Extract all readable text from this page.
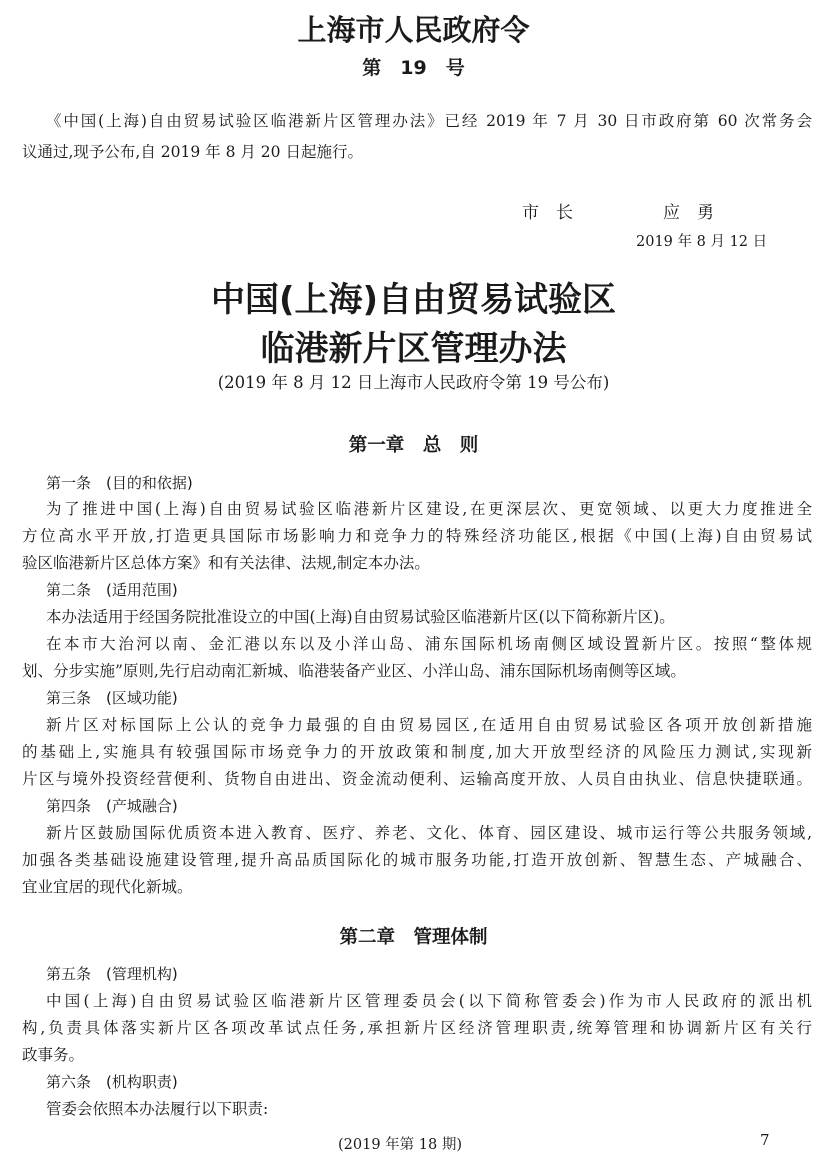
上海市人民政府令
第　19　号
《中国(上海)自由贸易试验区临港新片区管理办法》已经 2019 年 7 月 30 日市政府第 60 次常务会
议通过,现予公布,自 2019 年 8 月 20 日起施行。
市　长	应　勇
2019 年 8 月 12 日
中国(上海)自由贸易试验区
临港新片区管理办法
(2019 年 8 月 12 日上海市人民政府令第 19 号公布)
第一章　总　则
第一条　(目的和依据)
为了推进中国(上海)自由贸易试验区临港新片区建设,在更深层次、更宽领域、以更大力度推进全
方位高水平开放,打造更具国际市场影响力和竞争力的特殊经济功能区,根据《中国(上海)自由贸易试
验区临港新片区总体方案》和有关法律、法规,制定本办法。
第二条　(适用范围)
本办法适用于经国务院批准设立的中国(上海)自由贸易试验区临港新片区(以下简称新片区)。
在本市大治河以南、金汇港以东以及小洋山岛、浦东国际机场南侧区域设置新片区。按照“整体规
划、分步实施”原则,先行启动南汇新城、临港装备产业区、小洋山岛、浦东国际机场南侧等区域。
第三条　(区域功能)
新片区对标国际上公认的竞争力最强的自由贸易园区,在适用自由贸易试验区各项开放创新措施
的基础上,实施具有较强国际市场竞争力的开放政策和制度,加大开放型经济的风险压力测试,实现新
片区与境外投资经营便利、货物自由进出、资金流动便利、运输高度开放、人员自由执业、信息快捷联通。
第四条　(产城融合)
新片区鼓励国际优质资本进入教育、医疗、养老、文化、体育、园区建设、城市运行等公共服务领域,
加强各类基础设施建设管理,提升高品质国际化的城市服务功能,打造开放创新、智慧生态、产城融合、
宜业宜居的现代化新城。
第二章　管理体制
第五条　(管理机构)
中国(上海)自由贸易试验区临港新片区管理委员会(以下简称管委会)作为市人民政府的派出机
构,负责具体落实新片区各项改革试点任务,承担新片区经济管理职责,统筹管理和协调新片区有关行
政事务。
第六条　(机构职责)
管委会依照本办法履行以下职责:
(2019 年第 18 期)	7
